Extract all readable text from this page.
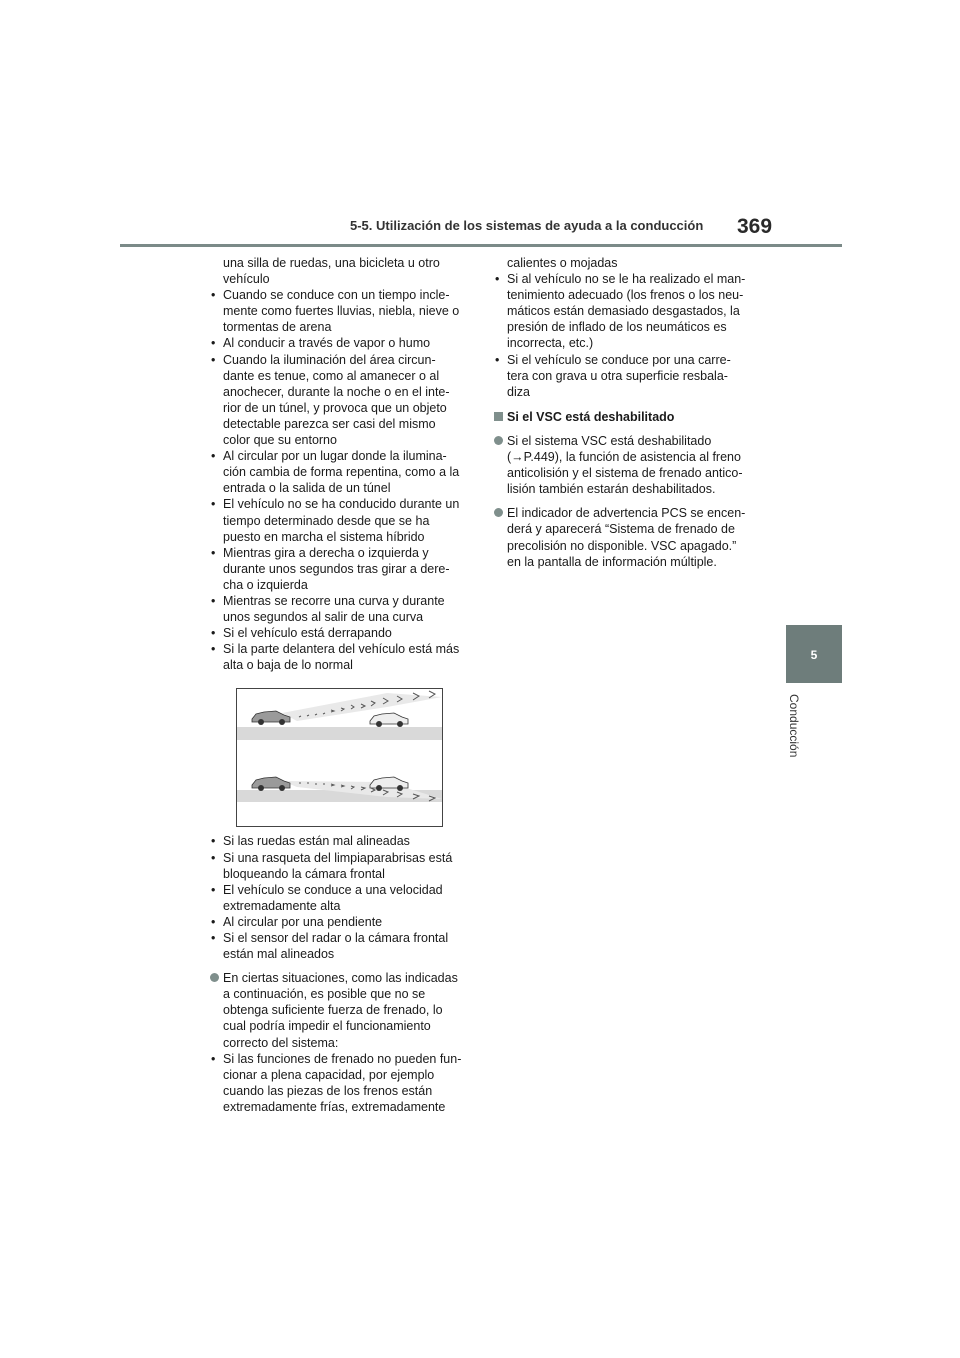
5-5. Utilización de los sistemas de ayuda a la conducción 369
5
Conducción
una silla de ruedas, una bicicleta u otro
vehículo
• Cuando se conduce con un tiempo incle-
mente como fuertes lluvias, niebla, nieve o
tormentas de arena
• Al conducir a través de vapor o humo
• Cuando la iluminación del área circun-
dante es tenue, como al amanecer o al
anochecer, durante la noche o en el inte-
rior de un túnel, y provoca que un objeto
detectable parezca ser casi del mismo
color que su entorno
• Al circular por un lugar donde la ilumina-
ción cambia de forma repentina, como a la
entrada o la salida de un túnel
• El vehículo no se ha conducido durante un
tiempo determinado desde que se ha
puesto en marcha el sistema híbrido
• Mientras gira a derecha o izquierda y
durante unos segundos tras girar a dere-
cha o izquierda
• Mientras se recorre una curva y durante
unos segundos al salir de una curva
• Si el vehículo está derrapando
• Si la parte delantera del vehículo está más
alta o baja de lo normal
• Si las ruedas están mal alineadas
• Si una rasqueta del limpiaparabrisas está
bloqueando la cámara frontal
• El vehículo se conduce a una velocidad
extremadamente alta
• Al circular por una pendiente
• Si el sensor del radar o la cámara frontal
están mal alineados
En ciertas situaciones, como las indicadas
a continuación, es posible que no se
obtenga suficiente fuerza de frenado, lo
cual podría impedir el funcionamiento
correcto del sistema:
• Si las funciones de frenado no pueden fun-
cionar a plena capacidad, por ejemplo
cuando las piezas de los frenos están
extremadamente frías, extremadamente
calientes o mojadas
• Si al vehículo no se le ha realizado el man-
tenimiento adecuado (los frenos o los neu-
máticos están demasiado desgastados, la
presión de inflado de los neumáticos es
incorrecta, etc.)
• Si el vehículo se conduce por una carre-
tera con grava u otra superficie resbala-
diza
Si el VSC está deshabilitado
Si el sistema VSC está deshabilitado
(→P.449), la función de asistencia al freno
anticolisión y el sistema de frenado antico-
lisión también estarán deshabilitados.
El indicador de advertencia PCS se encen-
derá y aparecerá “Sistema de frenado de
precolisión no disponible. VSC apagado.”
en la pantalla de información múltiple.
